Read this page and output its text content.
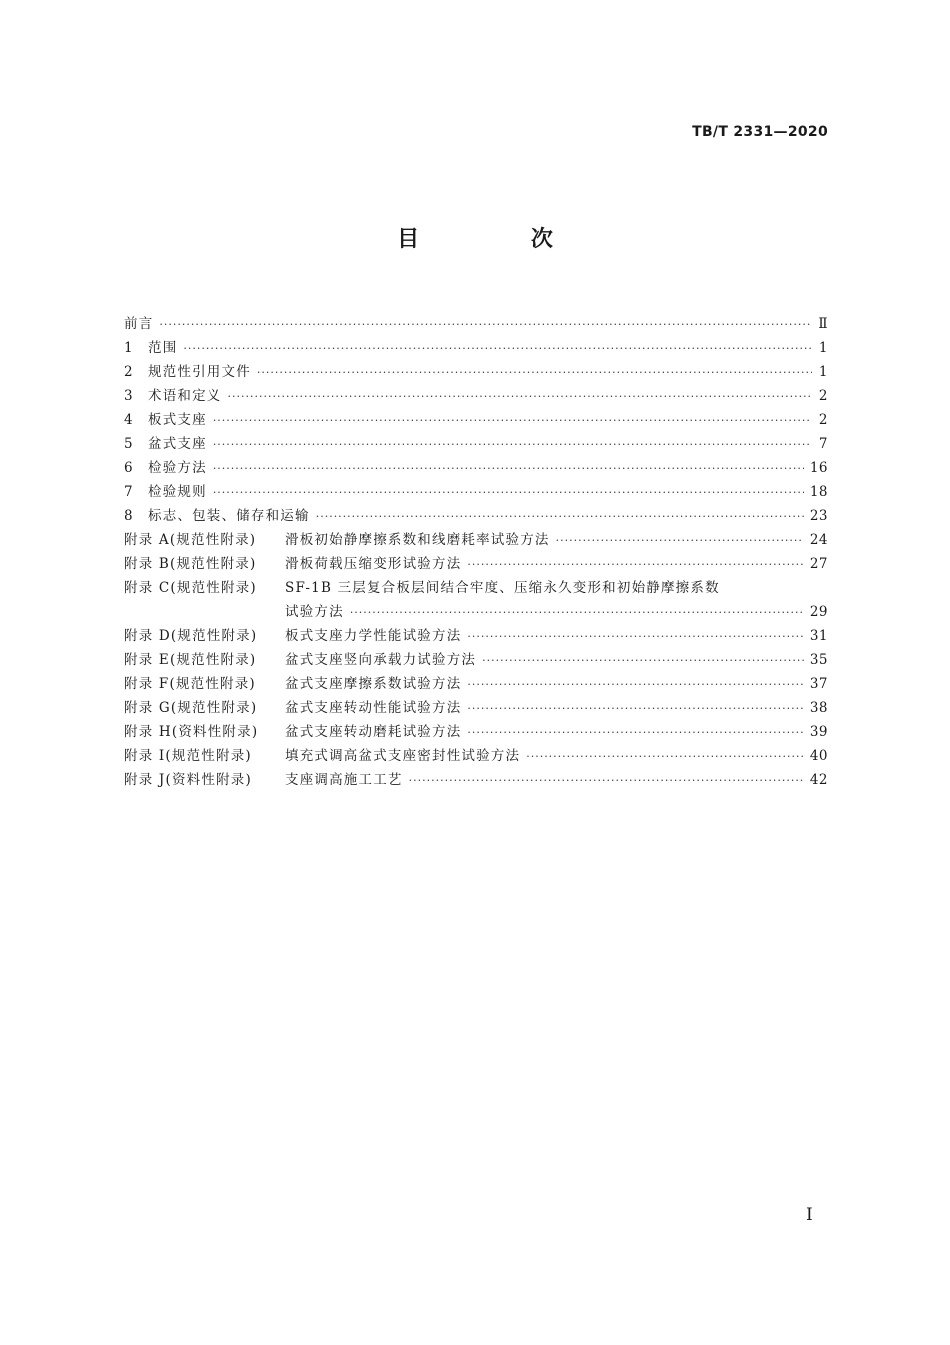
TB/T 2331—2020
目 次
前言 ·····	Ⅱ
1	范围 ·····	1
2	规范性引用文件 ·····	1
3	术语和定义 ·····	2
4	板式支座 ·····	2
5	盆式支座 ·····	7
6	检验方法 ·····	16
7	检验规则 ·····	18
8	标志、包装、储存和运输 ·····	23
附录 A(规范性附录)	滑板初始静摩擦系数和线磨耗率试验方法 ·····	24
附录 B(规范性附录)	滑板荷载压缩变形试验方法 ·····	27
附录 C(规范性附录)	SF-1B 三层复合板层间结合牢度、压缩永久变形和初始静摩擦系数
试验方法 ·····	29
附录 D(规范性附录)	板式支座力学性能试验方法 ·····	31
附录 E(规范性附录)	盆式支座竖向承载力试验方法 ·····	35
附录 F(规范性附录)	盆式支座摩擦系数试验方法 ·····	37
附录 G(规范性附录)	盆式支座转动性能试验方法 ·····	38
附录 H(资料性附录)	盆式支座转动磨耗试验方法 ·····	39
附录 I(规范性附录)	填充式调高盆式支座密封性试验方法 ·····	40
附录 J(资料性附录)	支座调高施工工艺 ·····	42
I
